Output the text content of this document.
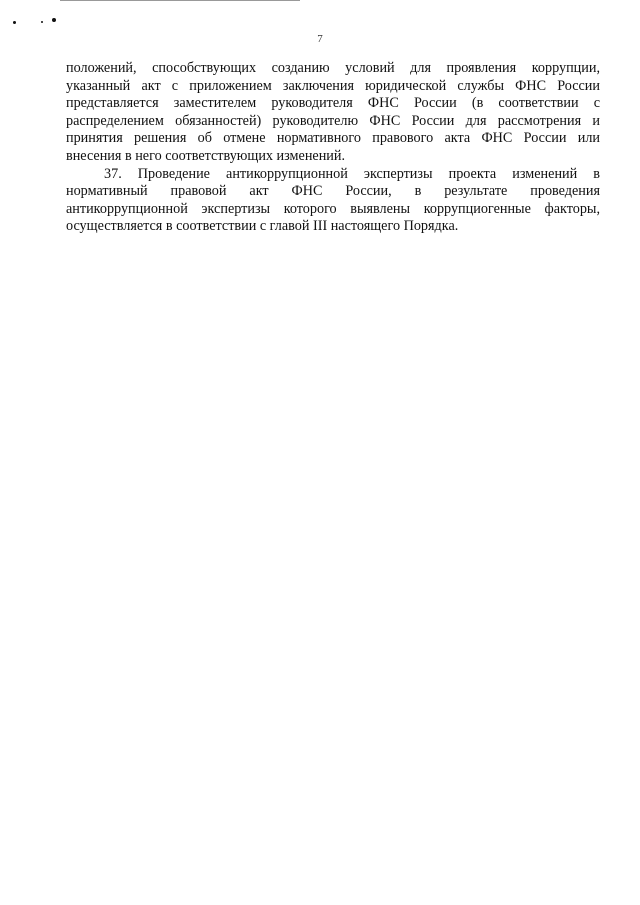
7
положений, способствующих созданию условий для проявления коррупции,
указанный акт с приложением заключения юридической службы ФНС России
представляется заместителем руководителя ФНС России (в соответствии с
распределением обязанностей) руководителю ФНС России для рассмотрения и
принятия решения об отмене нормативного правового акта ФНС России или
внесения в него соответствующих изменений.
37. Проведение антикоррупционной экспертизы проекта изменений в
нормативный правовой акт ФНС России, в результате проведения
антикоррупционной экспертизы которого выявлены коррупциогенные факторы,
осуществляется в соответствии с главой III настоящего Порядка.
